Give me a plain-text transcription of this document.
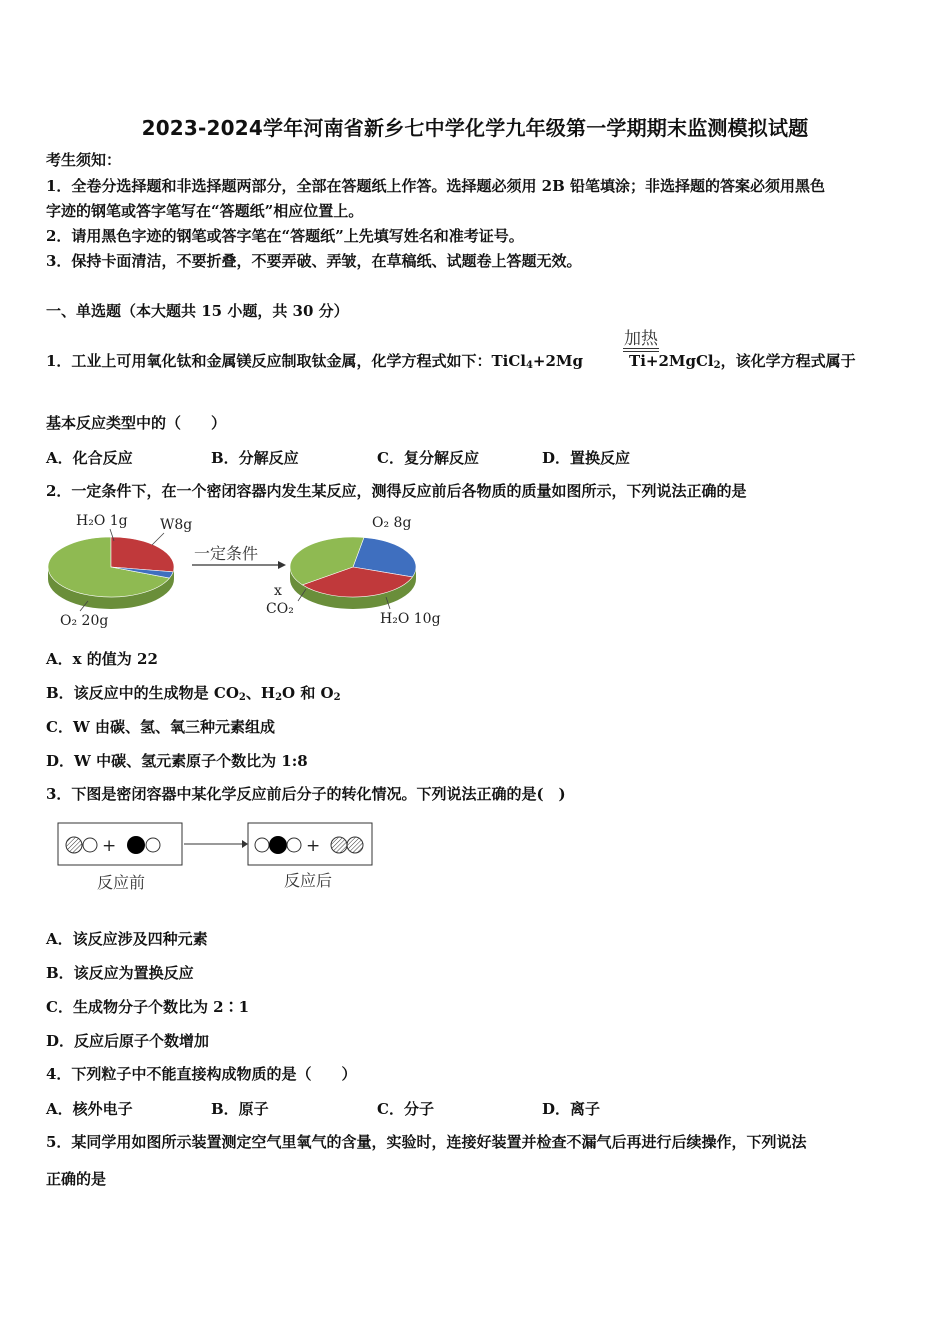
2023-2024学年河南省新乡七中学化学九年级第一学期期末监测模拟试题
考生须知：
1．全卷分选择题和非选择题两部分，全部在答题纸上作答。选择题必须用 2B 铅笔填涂；非选择题的答案必须用黑色
字迹的钢笔或答字笔写在“答题纸”相应位置上。
2．请用黑色字迹的钢笔或答字笔在“答题纸”上先填写姓名和准考证号。
3．保持卡面清洁，不要折叠，不要弄破、弄皱，在草稿纸、试题卷上答题无效。
一、单选题（本大题共 15 小题，共 30 分）
1．工业上可用氧化钛和金属镁反应制取钛金属，化学方程式如下：TiCl$_4$+2Mg	Ti+2MgCl$_2$，该化学方程式属于
加热
基本反应类型中的（　　）
A．化合反应	B．分解反应	C．复分解反应	D．置换反应
2．一定条件下，在一个密闭容器内发生某反应，测得反应前后各物质的质量如图所示，下列说法正确的是
一定条件
H₂O 1g W8g
O₂ 20g
O₂ 8g
x
CO₂
H₂O 10g
A．x 的值为 22
B．该反应中的生成物是 $CO_2$、$H_2O$ 和 $O_2$
C．W 由碳、氢、氧三种元素组成
D．W 中碳、氢元素原子个数比为 1:8
3．下图是密闭容器中某化学反应前后分子的转化情况。下列说法正确的是(　)
+	+
反应前	反应后
A．该反应涉及四种元素
B．该反应为置换反应
C．生成物分子个数比为 2∶1
D．反应后原子个数增加
4．下列粒子中不能直接构成物质的是（　　）
A．核外电子	B．原子	C．分子	D．离子
5．某同学用如图所示装置测定空气里氧气的含量，实验时，连接好装置并检查不漏气后再进行后续操作，下列说法
正确的是
